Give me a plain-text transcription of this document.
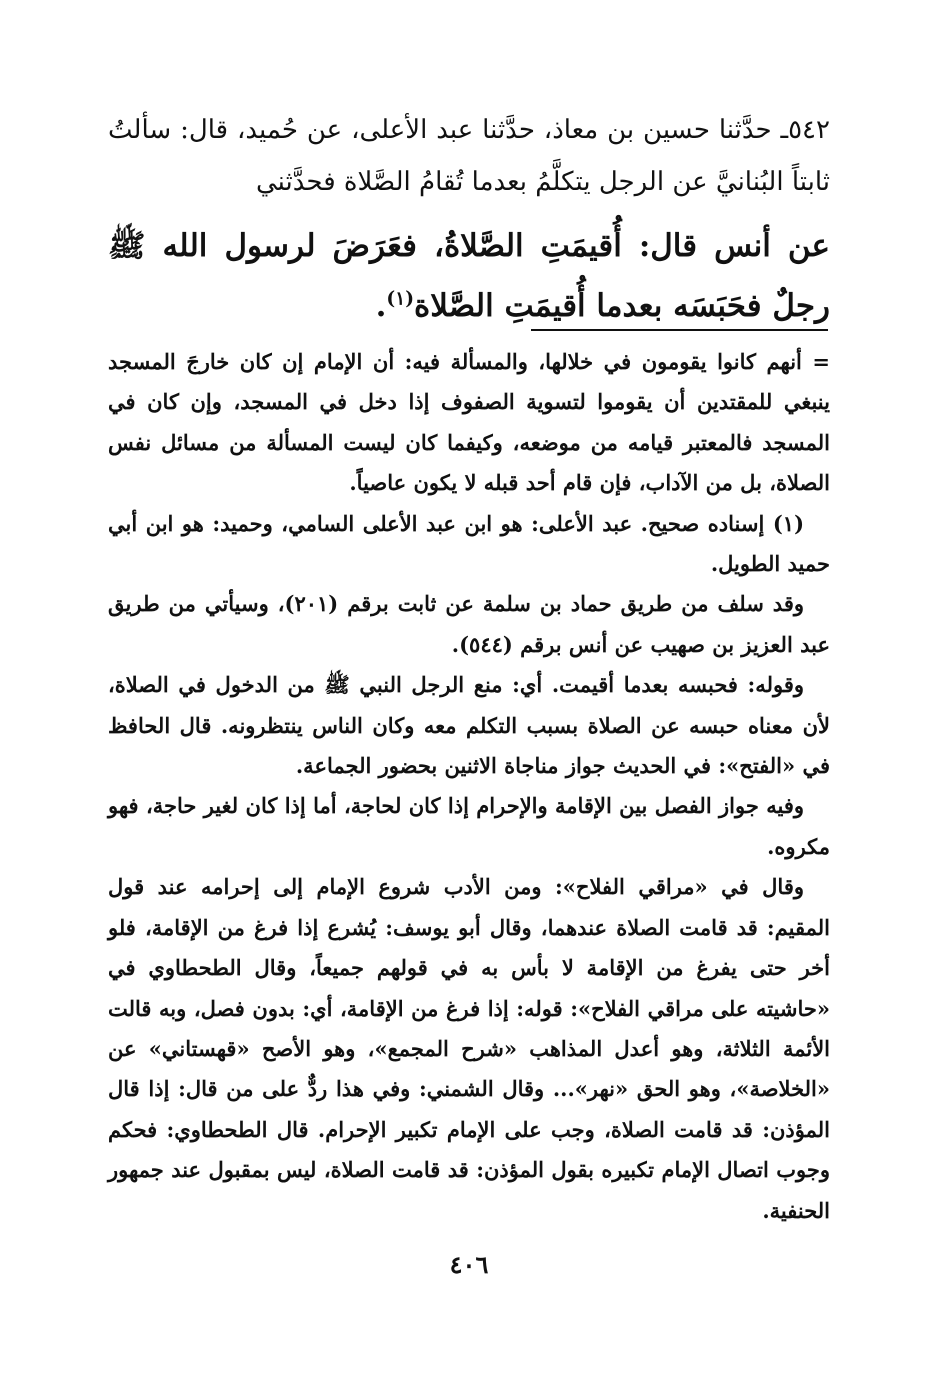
٥٤٢ـ حدَّثنا حسين بن معاذ، حدَّثنا عبد الأعلى، عن حُميد، قال: سألتُ ثابتاً البُنانيَّ عن الرجل يتكلَّمُ بعدما تُقامُ الصَّلاة فحدَّثني

عن أنس قال: أُقيمَتِ الصَّلاةُ، فعَرَضَ لرسول الله ﷺ رجلٌ فحَبَسَه بعدما أُقيمَتِ الصَّلاة$^{(١)}$.

= أنهم كانوا يقومون في خلالها، والمسألة فيه: أن الإمام إن كان خارجَ المسجد ينبغي للمقتدين أن يقوموا لتسوية الصفوف إذا دخل في المسجد، وإن كان في المسجد فالمعتبر قيامه من موضعه، وكيفما كان ليست المسألة من مسائل نفس الصلاة، بل من الآداب، فإن قام أحد قبله لا يكون عاصياً.

(١) إسناده صحيح. عبد الأعلى: هو ابن عبد الأعلى السامي، وحميد: هو ابن أبي حميد الطويل.

وقد سلف من طريق حماد بن سلمة عن ثابت برقم (٢٠١)، وسيأتي من طريق عبد العزيز بن صهيب عن أنس برقم (٥٤٤).

وقوله: فحبسه بعدما أقيمت. أي: منع الرجل النبي ﷺ من الدخول في الصلاة، لأن معناه حبسه عن الصلاة بسبب التكلم معه وكان الناس ينتظرونه. قال الحافظ في «الفتح»: في الحديث جواز مناجاة الاثنين بحضور الجماعة.

وفيه جواز الفصل بين الإقامة والإحرام إذا كان لحاجة، أما إذا كان لغير حاجة، فهو مكروه.

وقال في «مراقي الفلاح»: ومن الأدب شروع الإمام إلى إحرامه عند قول المقيم: قد قامت الصلاة عندهما، وقال أبو يوسف: يُشرع إذا فرغ من الإقامة، فلو أخر حتى يفرغ من الإقامة لا بأس به في قولهم جميعاً، وقال الطحطاوي في «حاشيته على مراقي الفلاح»: قوله: إذا فرغ من الإقامة، أي: بدون فصل، وبه قالت الأئمة الثلاثة، وهو أعدل المذاهب «شرح المجمع»، وهو الأصح «قهستاني» عن «الخلاصة»، وهو الحق «نهر»... وقال الشمني: وفي هذا ردٌّ على من قال: إذا قال المؤذن: قد قامت الصلاة، وجب على الإمام تكبير الإحرام. قال الطحطاوي: فحكم وجوب اتصال الإمام تكبيره بقول المؤذن: قد قامت الصلاة، ليس بمقبول عند جمهور الحنفية.

٤٠٦
